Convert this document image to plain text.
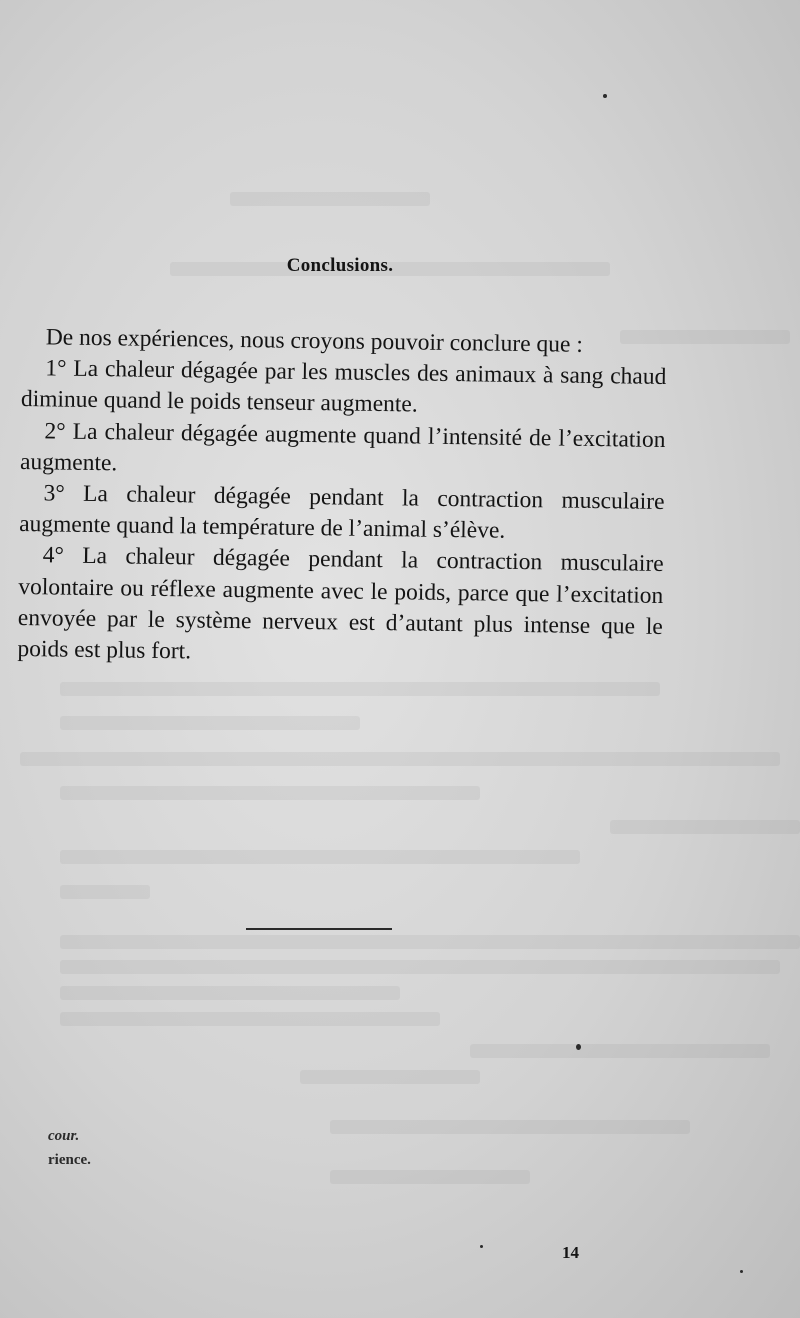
Conclusions.

De nos expériences, nous croyons pouvoir conclure que :

1° La chaleur dégagée par les muscles des animaux à sang chaud diminue quand le poids tenseur augmente.

2° La chaleur dégagée augmente quand l’intensité de l’excitation augmente.

3° La chaleur dégagée pendant la contraction musculaire augmente quand la température de l’animal s’élève.

4° La chaleur dégagée pendant la contraction musculaire volontaire ou réflexe augmente avec le poids, parce que l’excitation envoyée par le système nerveux est d’autant plus intense que le poids est plus fort.

cour.
rience.
14
